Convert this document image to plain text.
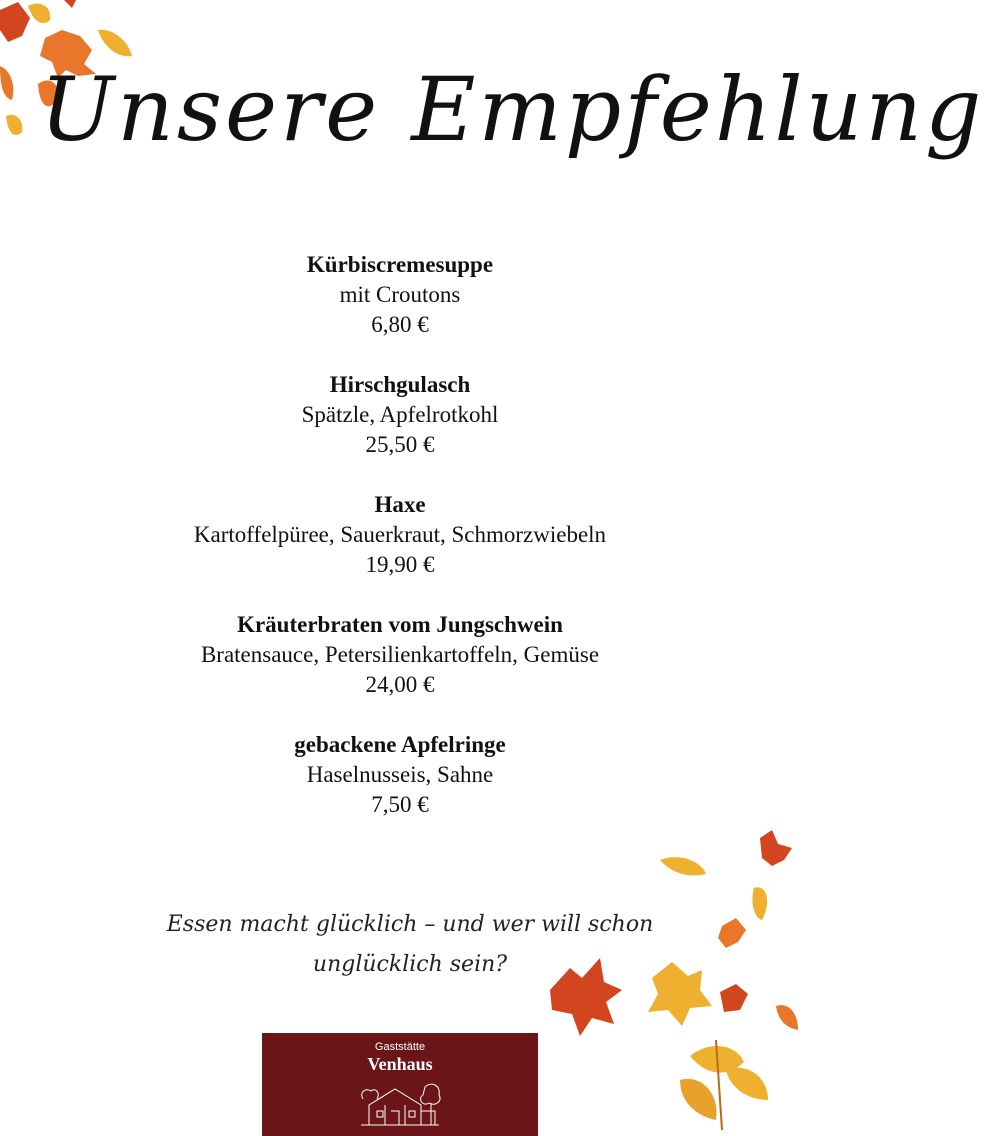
Unsere Empfehlung
Kürbiscremesuppe
mit Croutons
6,80 €
Hirschgulasch
Spätzle, Apfelrotkohl
25,50 €
Haxe
Kartoffelpüree, Sauerkraut, Schmorzwiebeln
19,90 €
Kräuterbraten vom Jungschwein
Bratensauce, Petersilienkartoffeln, Gemüse
24,00 €
gebackene Apfelringe
Haselnusseis, Sahne
7,50 €
Essen macht glücklich – und wer will schon
unglücklich sein?
Gaststätte
Venhaus
